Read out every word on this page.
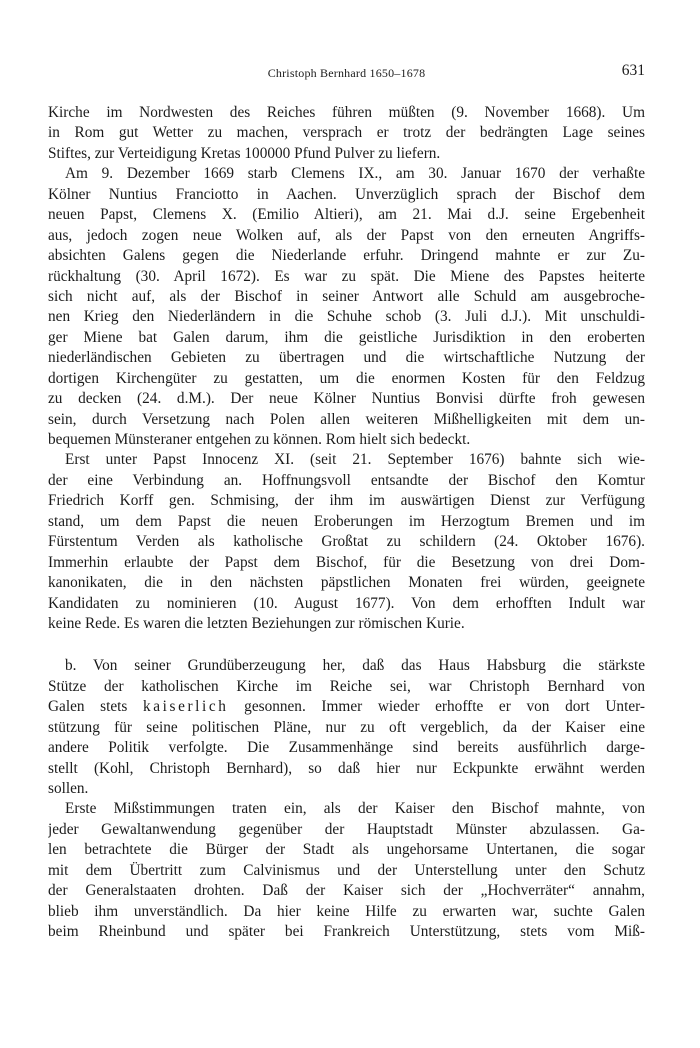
Christoph Bernhard 1650–1678	631
Kirche im Nordwesten des Reiches führen müßten (9. November 1668). Um
in Rom gut Wetter zu machen, versprach er trotz der bedrängten Lage seines
Stiftes, zur Verteidigung Kretas 100000 Pfund Pulver zu liefern.
Am 9. Dezember 1669 starb Clemens IX., am 30. Januar 1670 der verhaßte
Kölner Nuntius Franciotto in Aachen. Unverzüglich sprach der Bischof dem
neuen Papst, Clemens X. (Emilio Altieri), am 21. Mai d.J. seine Ergebenheit
aus, jedoch zogen neue Wolken auf, als der Papst von den erneuten Angriffs-
absichten Galens gegen die Niederlande erfuhr. Dringend mahnte er zur Zu-
rückhaltung (30. April 1672). Es war zu spät. Die Miene des Papstes heiterte
sich nicht auf, als der Bischof in seiner Antwort alle Schuld am ausgebroche-
nen Krieg den Niederländern in die Schuhe schob (3. Juli d.J.). Mit unschuldi-
ger Miene bat Galen darum, ihm die geistliche Jurisdiktion in den eroberten
niederländischen Gebieten zu übertragen und die wirtschaftliche Nutzung der
dortigen Kirchengüter zu gestatten, um die enormen Kosten für den Feldzug
zu decken (24. d.M.). Der neue Kölner Nuntius Bonvisi dürfte froh gewesen
sein, durch Versetzung nach Polen allen weiteren Mißhelligkeiten mit dem un-
bequemen Münsteraner entgehen zu können. Rom hielt sich bedeckt.
Erst unter Papst Innocenz XI. (seit 21. September 1676) bahnte sich wie-
der eine Verbindung an. Hoffnungsvoll entsandte der Bischof den Komtur
Friedrich Korff gen. Schmising, der ihm im auswärtigen Dienst zur Verfügung
stand, um dem Papst die neuen Eroberungen im Herzogtum Bremen und im
Fürstentum Verden als katholische Großtat zu schildern (24. Oktober 1676).
Immerhin erlaubte der Papst dem Bischof, für die Besetzung von drei Dom-
kanonikaten, die in den nächsten päpstlichen Monaten frei würden, geeignete
Kandidaten zu nominieren (10. August 1677). Von dem erhofften Indult war
keine Rede. Es waren die letzten Beziehungen zur römischen Kurie.
b. Von seiner Grundüberzeugung her, daß das Haus Habsburg die stärkste
Stütze der katholischen Kirche im Reiche sei, war Christoph Bernhard von
Galen stets kaiserlich gesonnen. Immer wieder erhoffte er von dort Unter-
stützung für seine politischen Pläne, nur zu oft vergeblich, da der Kaiser eine
andere Politik verfolgte. Die Zusammenhänge sind bereits ausführlich darge-
stellt (Kohl, Christoph Bernhard), so daß hier nur Eckpunkte erwähnt werden
sollen.
Erste Mißstimmungen traten ein, als der Kaiser den Bischof mahnte, von
jeder Gewaltanwendung gegenüber der Hauptstadt Münster abzulassen. Ga-
len betrachtete die Bürger der Stadt als ungehorsame Untertanen, die sogar
mit dem Übertritt zum Calvinismus und der Unterstellung unter den Schutz
der Generalstaaten drohten. Daß der Kaiser sich der „Hochverräter“ annahm,
blieb ihm unverständlich. Da hier keine Hilfe zu erwarten war, suchte Galen
beim Rheinbund und später bei Frankreich Unterstützung, stets vom Miß-
